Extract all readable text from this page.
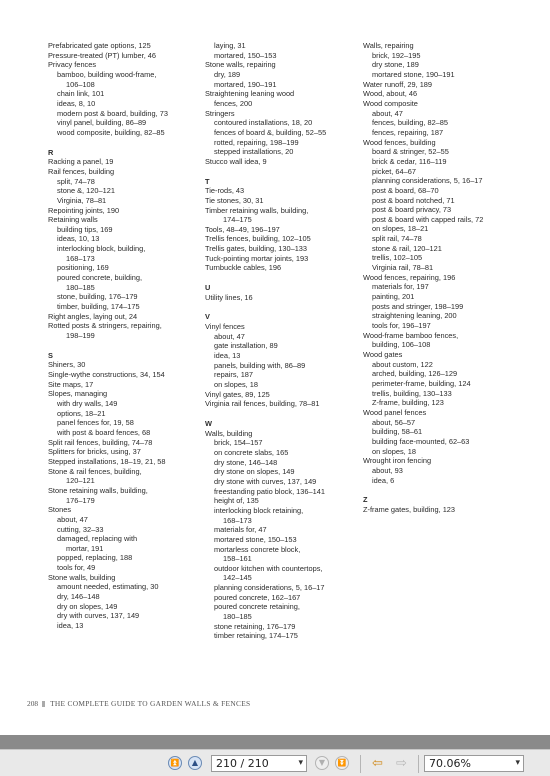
Prefabricated gate options, 125
Pressure-treated (PT) lumber, 46
Privacy fences
bamboo, building wood-frame,
106–108
chain link, 101
ideas, 8, 10
modern post & board, building, 73
vinyl panel, building, 86–89
wood composite, building, 82–85
R
Racking a panel, 19
Rail fences, building
split, 74–78
stone &, 120–121
Virginia, 78–81
Repointing joints, 190
Retaining walls
building tips, 169
ideas, 10, 13
interlocking block, building,
168–173
positioning, 169
poured concrete, building,
180–185
stone, building, 176–179
timber, building, 174–175
Right angles, laying out, 24
Rotted posts & stringers, repairing,
198–199
S
Shiners, 30
Single-wythe constructions, 34, 154
Site maps, 17
Slopes, managing
with dry walls, 149
options, 18–21
panel fences for, 19, 58
with post & board fences, 68
Split rail fences, building, 74–78
Splitters for bricks, using, 37
Stepped installations, 18–19, 21, 58
Stone & rail fences, building,
120–121
Stone retaining walls, building,
176–179
Stones
about, 47
cutting, 32–33
damaged, replacing with
mortar, 191
popped, replacing, 188
tools for, 49
Stone walls, building
amount needed, estimating, 30
dry, 146–148
dry on slopes, 149
dry with curves, 137, 149
idea, 13
laying, 31
mortared, 150–153
Stone walls, repairing
dry, 189
mortared, 190–191
Straightening leaning wood
fences, 200
Stringers
contoured installations, 18, 20
fences of board &, building, 52–55
rotted, repairing, 198–199
stepped installations, 20
Stucco wall idea, 9
T
Tie-rods, 43
Tie stones, 30, 31
Timber retaining walls, building,
174–175
Tools, 48–49, 196–197
Trellis fences, building, 102–105
Trellis gates, building, 130–133
Tuck-pointing mortar joints, 193
Turnbuckle cables, 196
U
Utility lines, 16
V
Vinyl fences
about, 47
gate installation, 89
idea, 13
panels, building with, 86–89
repairs, 187
on slopes, 18
Vinyl gates, 89, 125
Virginia rail fences, building, 78–81
W
Walls, building
brick, 154–157
on concrete slabs, 165
dry stone, 146–148
dry stone on slopes, 149
dry stone with curves, 137, 149
freestanding patio block, 136–141
height of, 135
interlocking block retaining,
168–173
materials for, 47
mortared stone, 150–153
mortarless concrete block,
158–161
outdoor kitchen with countertops,
142–145
planning considerations, 5, 16–17
poured concrete, 162–167
poured concrete retaining,
180–185
stone retaining, 176–179
timber retaining, 174–175
Walls, repairing
brick, 192–195
dry stone, 189
mortared stone, 190–191
Water runoff, 29, 189
Wood, about, 46
Wood composite
about, 47
fences, building, 82–85
fences, repairing, 187
Wood fences, building
board & stringer, 52–55
brick & cedar, 116–119
picket, 64–67
planning considerations, 5, 16–17
post & board, 68–70
post & board notched, 71
post & board privacy, 73
post & board with capped rails, 72
on slopes, 18–21
split rail, 74–78
stone & rail, 120–121
trellis, 102–105
Virginia rail, 78–81
Wood fences, repairing, 196
materials for, 197
painting, 201
posts and stringer, 198–199
straightening leaning, 200
tools for, 196–197
Wood-frame bamboo fences,
building, 106–108
Wood gates
about custom, 122
arched, building, 126–129
perimeter-frame, building, 124
trellis, building, 130–133
Z-frame, building, 123
Wood panel fences
about, 56–57
building, 58–61
building face-mounted, 62–63
on slopes, 18
Wrought iron fencing
about, 93
idea, 6
Z
Z-frame gates, building, 123
208 THE COMPLETE GUIDE TO GARDEN WALLS & FENCES
⏫	▲	210 / 210	▾	▼	⏬ ⇦ ⇨	70.06%	▾
